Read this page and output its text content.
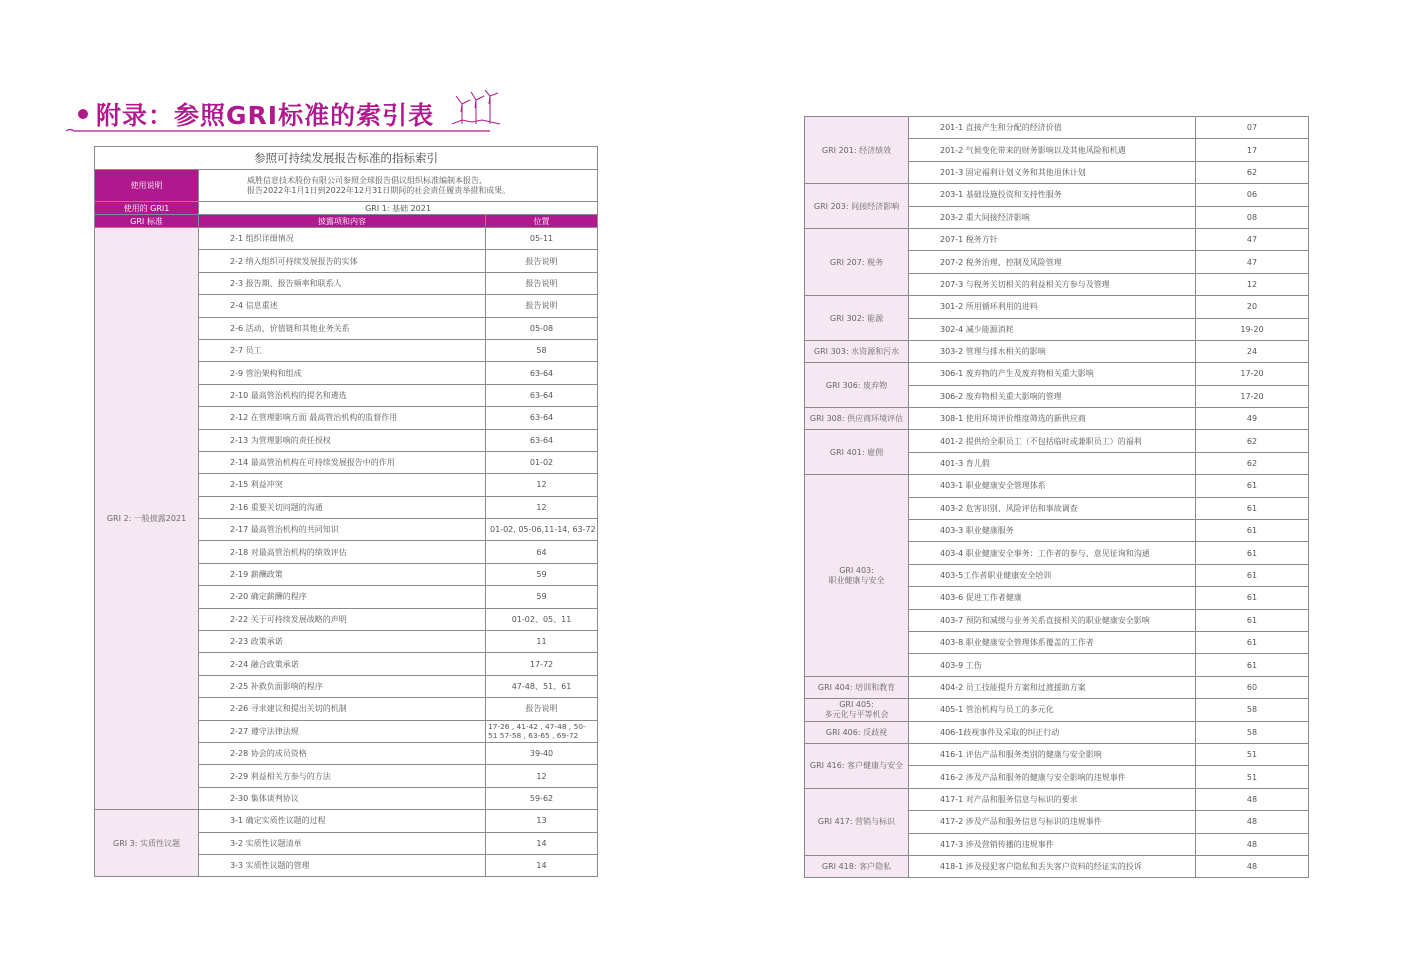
附录：参照GRI标准的索引表
参照可持续发展报告标准的指标索引		
使用说明	威胜信息技术股份有限公司参照全球报告倡议组织标准编制本报告,
报告2022年1月1日到2022年12月31日期间的社会责任履责举措和成果。	

使用的 GRI1	GRI 1: 基础 2021	
GRI 标准	披露项和内容	位置
GRI 2: 一般披露2021	2-1 组织详细情况	05-11
	2-2 纳入组织可持续发展报告的实体	报告说明
	2-3 报告期、报告频率和联系人	报告说明
	2-4 信息重述	报告说明
	2-6 活动、价值链和其他业务关系	05-08
	2-7 员工	58
	2-9 管治架构和组成	63-64
	2-10 最高管治机构的提名和遴选	63-64
	2-12 在管理影响方面 最高管治机构的监督作用	63-64
	2-13 为管理影响的责任授权	63-64
	2-14 最高管治机构在可持续发展报告中的作用	01-02
	2-15 利益冲突	12
	2-16 重要关切问题的沟通	12
	2-17 最高管治机构的共同知识	01-02, 05-06,11-14, 63-72
	2-18 对最高管治机构的绩效评估	64
	2-19 薪酬政策	59
	2-20 确定薪酬的程序	59
	2-22 关于可持续发展战略的声明	01-02、05、11
	2-23 政策承诺	11
	2-24 融合政策承诺	17-72
	2-25 补救负面影响的程序	47-48、51、61
	2-26 寻求建议和提出关切的机制	报告说明
	2-27 遵守法律法规	17-26 , 41-42 , 47-48 , 50-51 57-58 , 63-65 , 69-72
	2-28 协会的成员资格	39-40
	2-29 利益相关方参与的方法	12
	2-30 集体谈判协议	59-62
GRI 3: 实质性议题	3-1 确定实质性议题的过程	13
	3-2 实质性议题清单	14
	3-3 实质性议题的管理	14
GRI 201: 经济绩效	201-1 直接产生和分配的经济价值	07
	201-2 气候变化带来的财务影响以及其他风险和机遇	17
	201-3 固定福利计划义务和其他退休计划	62
GRI 203: 间接经济影响	203-1 基础设施投资和支持性服务	06
	203-2 重大间接经济影响	08
GRI 207: 税务	207-1 税务方针	47
	207-2 税务治理、控制及风险管理	47
	207-3 与税务关切相关的利益相关方参与及管理	12
GRI 302: 能源	301-2 所用循环利用的进料	20
	302-4 减少能源消耗	19-20
GRI 303: 水资源和污水	303-2 管理与排水相关的影响	24
GRI 306: 废弃物	306-1 废弃物的产生及废弃物相关重大影响	17-20
	306-2 废弃物相关重大影响的管理	17-20
GRI 308: 供应商环境评估	308-1 使用环境评价维度筛选的新供应商	49
GRI 401: 雇佣	401-2 提供给全职员工（不包括临时或兼职员工）的福利	62
	401-3 育儿假	62
GRI 403:
职业健康与安全	403-1 职业健康安全管理体系	61
	403-2 危害识别、风险评估和事故调查	61
	403-3 职业健康服务	61
	403-4 职业健康安全事务：工作者的参与、意见征询和沟通	61
	403-5工作者职业健康安全培训	61
	403-6 促进工作者健康	61
	403-7 预防和减缓与业务关系直接相关的职业健康安全影响	61
	403-8 职业健康安全管理体系覆盖的工作者	61
	403-9 工伤	61
GRI 404: 培训和教育	404-2 员工技能提升方案和过渡援助方案	60
GRI 405:
多元化与平等机会	405-1 管治机构与员工的多元化	58
GRI 406: 反歧视	406-1歧视事件及采取的纠正行动	58
GRI 416: 客户健康与安全	416-1 评估产品和服务类别的健康与安全影响	51
	416-2 涉及产品和服务的健康与安全影响的违规事件	51
GRI 417: 营销与标识	417-1 对产品和服务信息与标识的要求	48
	417-2 涉及产品和服务信息与标识的违规事件	48
	417-3 涉及营销传播的违规事件	48
GRI 418: 客户隐私	418-1 涉及侵犯客户隐私和丢失客户资料的经证实的投诉	48
